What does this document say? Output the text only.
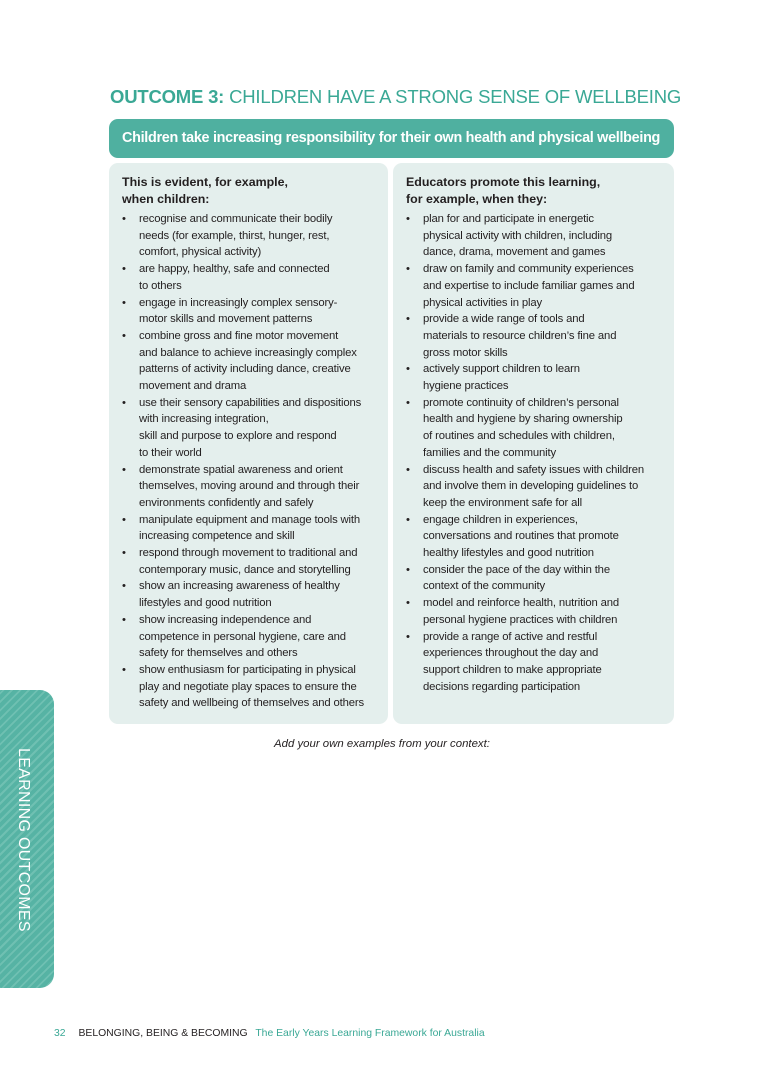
OUTCOME 3: CHILDREN HAVE A STRONG SENSE OF WELLBEING
Children take increasing responsibility for their own health and physical wellbeing
This is evident, for example,
when children:
• recognise and communicate their bodily
needs (for example, thirst, hunger, rest,
comfort, physical activity)
• are happy, healthy, safe and connected
to others
• engage in increasingly complex sensory-
motor skills and movement patterns
• combine gross and fine motor movement
and balance to achieve increasingly complex
patterns of activity including dance, creative
movement and drama
• use their sensory capabilities and dispositions
with increasing integration,
skill and purpose to explore and respond
to their world
• demonstrate spatial awareness and orient
themselves, moving around and through their
environments confidently and safely
• manipulate equipment and manage tools with
increasing competence and skill
• respond through movement to traditional and
contemporary music, dance and storytelling
• show an increasing awareness of healthy
lifestyles and good nutrition
• show increasing independence and
competence in personal hygiene, care and
safety for themselves and others
• show enthusiasm for participating in physical
play and negotiate play spaces to ensure the
safety and wellbeing of themselves and others
Educators promote this learning,
for example, when they:
• plan for and participate in energetic
physical activity with children, including
dance, drama, movement and games
• draw on family and community experiences
and expertise to include familiar games and
physical activities in play
• provide a wide range of tools and
materials to resource children’s fine and
gross motor skills
• actively support children to learn
hygiene practices
• promote continuity of children’s personal
health and hygiene by sharing ownership
of routines and schedules with children,
families and the community
• discuss health and safety issues with children
and involve them in developing guidelines to
keep the environment safe for all
• engage children in experiences,
conversations and routines that promote
healthy lifestyles and good nutrition
• consider the pace of the day within the
context of the community
• model and reinforce health, nutrition and
personal hygiene practices with children
• provide a range of active and restful
experiences throughout the day and
support children to make appropriate
decisions regarding participation
Add your own examples from your context:
LEARNING OUTCOMES
32 BELONGING, BEING & BECOMING The Early Years Learning Framework for Australia
